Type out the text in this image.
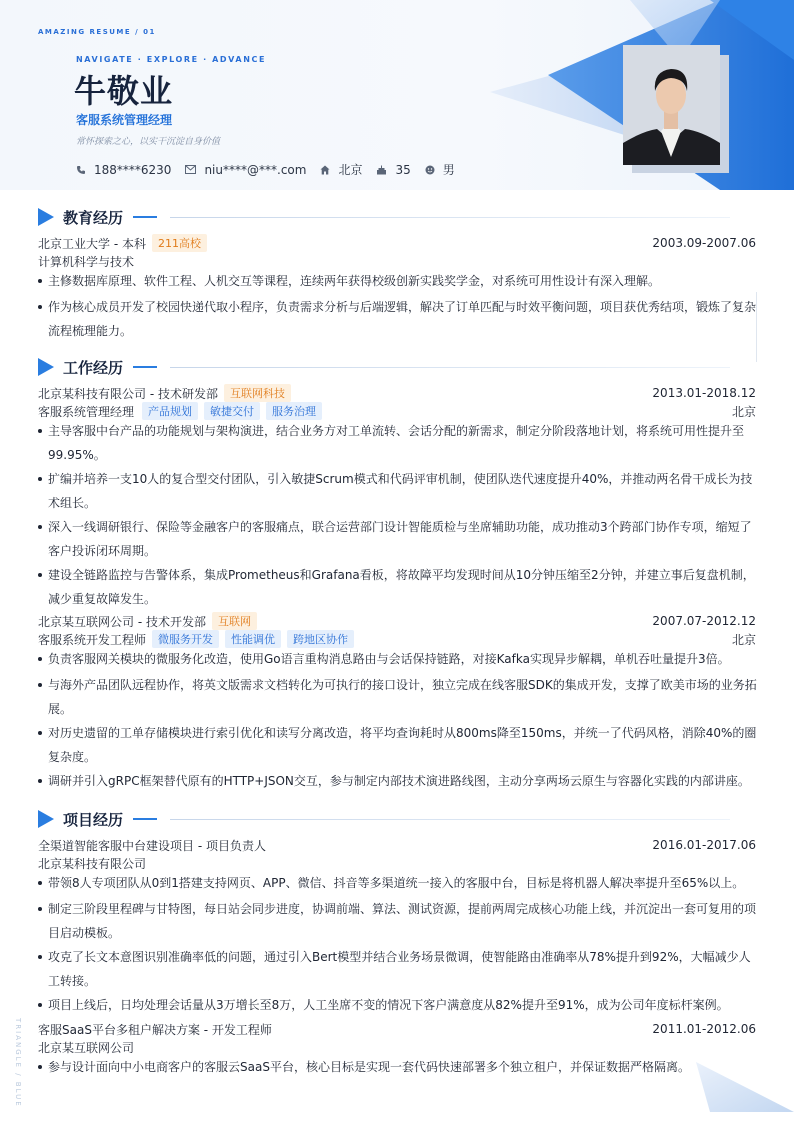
AMAZING RESUME / 01
NAVIGATE · EXPLORE · ADVANCE
牛敬业
客服系统管理经理
常怀探索之心，以实干沉淀自身价值
188****6230	niu****@***.com	北京	35	男
教育经历
北京工业大学 - 本科	211高校	2003.09-2007.06
计算机科学与技术
主修数据库原理、软件工程、人机交互等课程，连续两年获得校级创新实践奖学金，对系统可用性设计有深入理解。
作为核心成员开发了校园快递代取小程序，负责需求分析与后端逻辑，解决了订单匹配与时效平衡问题，项目获优秀结项，锻炼了复杂流程梳理能力。
工作经历
北京某科技有限公司 - 技术研发部	互联网科技	2013.01-2018.12
客服系统管理经理	产品规划	敏捷交付	服务治理	北京
主导客服中台产品的功能规划与架构演进，结合业务方对工单流转、会话分配的新需求，制定分阶段落地计划，将系统可用性提升至99.95%。
扩编并培养一支10人的复合型交付团队，引入敏捷Scrum模式和代码评审机制，使团队迭代速度提升40%，并推动两名骨干成长为技术组长。
深入一线调研银行、保险等金融客户的客服痛点，联合运营部门设计智能质检与坐席辅助功能，成功推动3个跨部门协作专项，缩短了客户投诉闭环周期。
建设全链路监控与告警体系，集成Prometheus和Grafana看板，将故障平均发现时间从10分钟压缩至2分钟，并建立事后复盘机制，减少重复故障发生。
北京某互联网公司 - 技术开发部	互联网	2007.07-2012.12
客服系统开发工程师	微服务开发	性能调优	跨地区协作	北京
负责客服网关模块的微服务化改造，使用Go语言重构消息路由与会话保持链路，对接Kafka实现异步解耦，单机吞吐量提升3倍。
与海外产品团队远程协作，将英文版需求文档转化为可执行的接口设计，独立完成在线客服SDK的集成开发，支撑了欧美市场的业务拓展。
对历史遗留的工单存储模块进行索引优化和读写分离改造，将平均查询耗时从800ms降至150ms，并统一了代码风格，消除40%的圈复杂度。
调研并引入gRPC框架替代原有的HTTP+JSON交互，参与制定内部技术演进路线图，主动分享两场云原生与容器化实践的内部讲座。
项目经历
全渠道智能客服中台建设项目 - 项目负责人	2016.01-2017.06
北京某科技有限公司
带领8人专项团队从0到1搭建支持网页、APP、微信、抖音等多渠道统一接入的客服中台，目标是将机器人解决率提升至65%以上。
制定三阶段里程碑与甘特图，每日站会同步进度，协调前端、算法、测试资源，提前两周完成核心功能上线，并沉淀出一套可复用的项目启动模板。
攻克了长文本意图识别准确率低的问题，通过引入Bert模型并结合业务场景微调，使智能路由准确率从78%提升到92%，大幅减少人工转接。
项目上线后，日均处理会话量从3万增长至8万，人工坐席不变的情况下客户满意度从82%提升至91%，成为公司年度标杆案例。
客服SaaS平台多租户解决方案 - 开发工程师	2011.01-2012.06
北京某互联网公司
参与设计面向中小电商客户的客服云SaaS平台，核心目标是实现一套代码快速部署多个独立租户，并保证数据严格隔离。
TRIANGLE / BLUE
